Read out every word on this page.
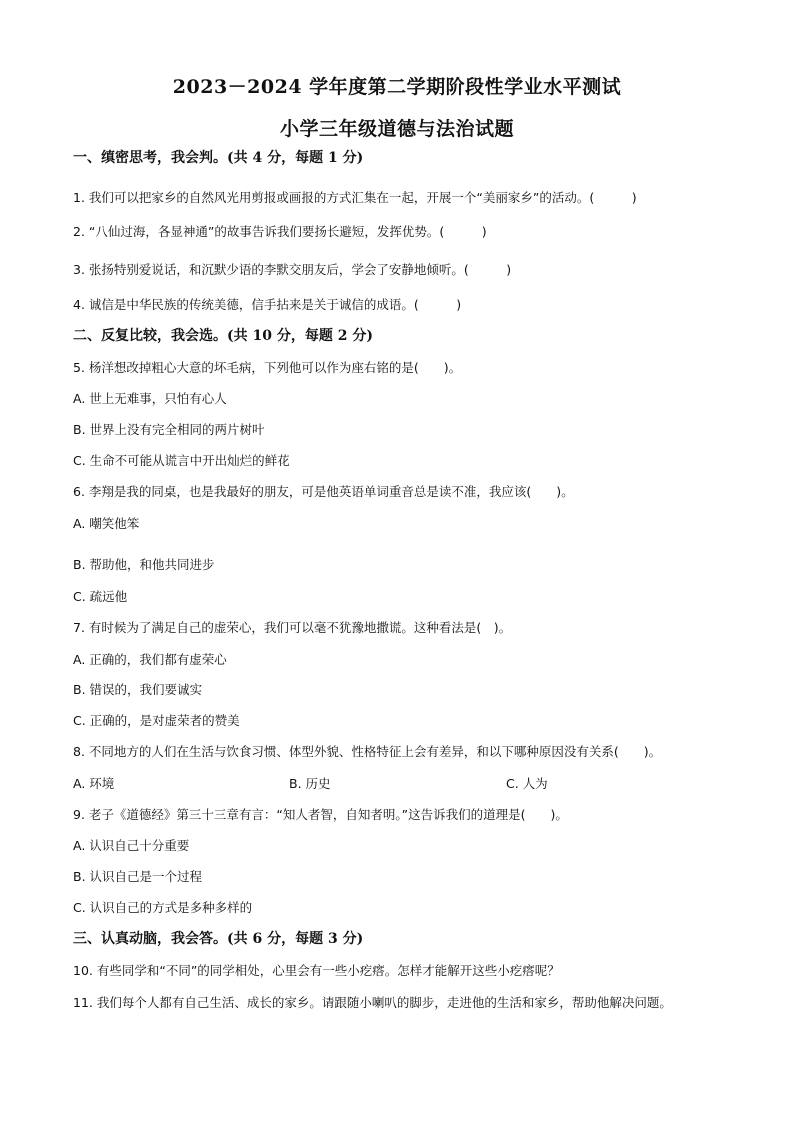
2023－2024 学年度第二学期阶段性学业水平测试
小学三年级道德与法治试题
一、缜密思考，我会判。(共 4 分，每题 1 分)
1. 我们可以把家乡的自然风光用剪报或画报的方式汇集在一起，开展一个“美丽家乡”的活动。(　　　)
2. “八仙过海，各显神通”的故事告诉我们要扬长避短，发挥优势。(　　　)
3. 张扬特别爱说话，和沉默少语的李默交朋友后，学会了安静地倾听。(　　　)
4. 诚信是中华民族的传统美德，信手拈来是关于诚信的成语。(　　　)
二、反复比较，我会选。(共 10 分，每题 2 分)
5. 杨洋想改掉粗心大意的坏毛病，下列他可以作为座右铭的是(　　)。
A. 世上无难事，只怕有心人
B. 世界上没有完全相同的两片树叶
C. 生命不可能从谎言中开出灿烂的鲜花
6. 李翔是我的同桌，也是我最好的朋友，可是他英语单词重音总是读不准，我应该(　　)。
A. 嘲笑他笨
B. 帮助他，和他共同进步
C. 疏远他
7. 有时候为了满足自己的虚荣心，我们可以毫不犹豫地撒谎。这种看法是(　)。
A. 正确的，我们都有虚荣心
B. 错误的，我们要诚实
C. 正确的，是对虚荣者的赞美
8. 不同地方的人们在生活与饮食习惯、体型外貌、性格特征上会有差异，和以下哪种原因没有关系(　　)。
A. 环境	B. 历史	C. 人为
9. 老子《道德经》第三十三章有言：“知人者智，自知者明。”这告诉我们的道理是(　　)。
A. 认识自己十分重要
B. 认识自己是一个过程
C. 认识自己的方式是多种多样的
三、认真动脑，我会答。(共 6 分，每题 3 分)
10. 有些同学和“不同”的同学相处，心里会有一些小疙瘩。怎样才能解开这些小疙瘩呢？
11. 我们每个人都有自己生活、成长的家乡。请跟随小喇叭的脚步，走进他的生活和家乡，帮助他解决问题。
